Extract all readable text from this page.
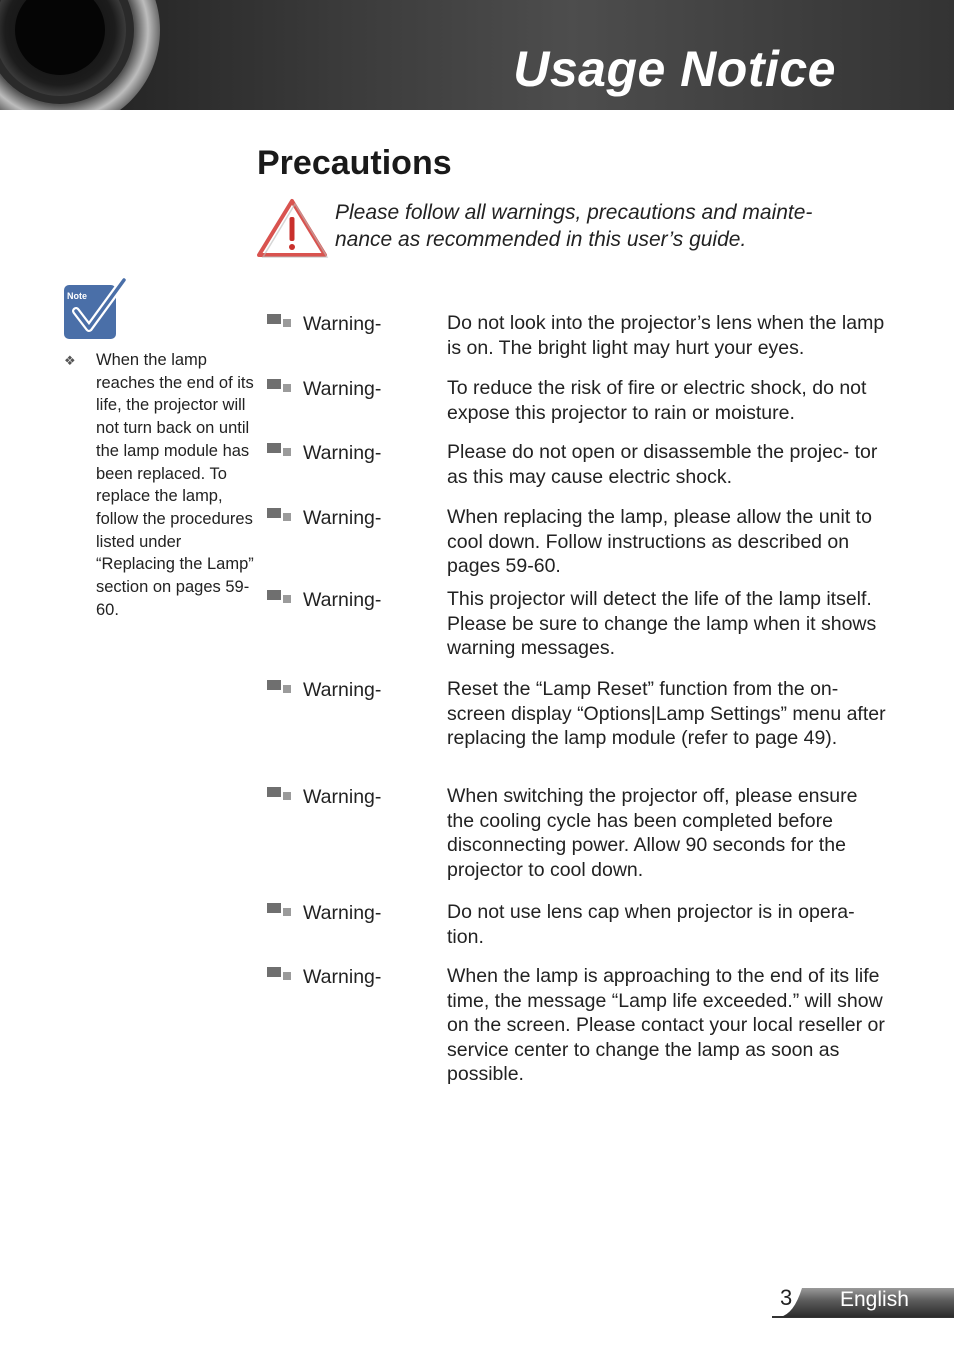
Usage Notice
Precautions
Please follow all warnings, precautions and mainte- nance as recommended in this user’s guide.
Note
❖ When the lamp reaches the end of its life, the projector will not turn back on until the lamp module has been replaced. To replace the lamp, follow the procedures listed under “Replacing the Lamp” section on pages 59-60.
Warning-	Do not look into the projector’s lens when the lamp is on. The bright light may hurt your eyes.
Warning-	To reduce the risk of fire or electric shock, do not expose this projector to rain or moisture.
Warning-	Please do not open or disassemble the projec- tor as this may cause electric shock.
Warning-	When replacing the lamp, please allow the unit to cool down. Follow instructions as described on pages 59-60.
Warning-	This projector will detect the life of the lamp itself. Please be sure to change the lamp when it shows warning messages.
Warning-	Reset the “Lamp Reset” function from the on- screen display “Options|Lamp Settings” menu after replacing the lamp module (refer to page 49).
Warning-	When switching the projector off, please ensure the cooling cycle has been completed before disconnecting power. Allow 90 seconds for the projector to cool down.
Warning-	Do not use lens cap when projector is in opera- tion.
Warning-	When the lamp is approaching to the end of its life time, the message “Lamp life exceeded.” will show on the screen. Please contact your local reseller or service center to change the lamp as soon as possible.
3 English
